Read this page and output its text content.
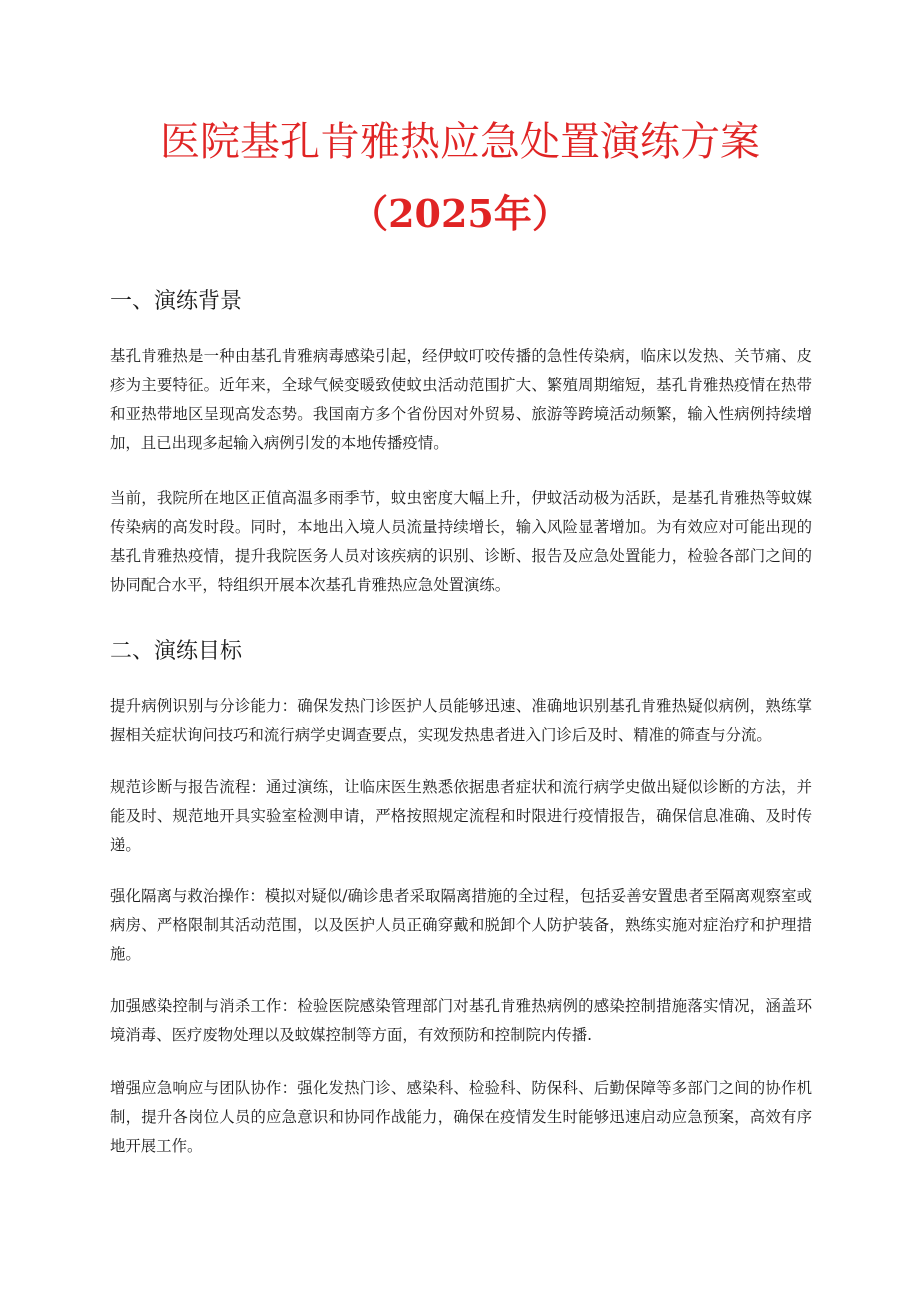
医院基孔肯雅热应急处置演练方案
（2025年）
一、演练背景

基孔肯雅热是一种由基孔肯雅病毒感染引起，经伊蚊叮咬传播的急性传染病，临床以发热、关节痛、皮疹为主要特征。近年来，全球气候变暖致使蚊虫活动范围扩大、繁殖周期缩短，基孔肯雅热疫情在热带和亚热带地区呈现高发态势。我国南方多个省份因对外贸易、旅游等跨境活动频繁，输入性病例持续增加，且已出现多起输入病例引发的本地传播疫情。

当前，我院所在地区正值高温多雨季节，蚊虫密度大幅上升，伊蚊活动极为活跃，是基孔肯雅热等蚊媒传染病的高发时段。同时，本地出入境人员流量持续增长，输入风险显著增加。为有效应对可能出现的基孔肯雅热疫情，提升我院医务人员对该疾病的识别、诊断、报告及应急处置能力，检验各部门之间的协同配合水平，特组织开展本次基孔肯雅热应急处置演练。

二、演练目标

提升病例识别与分诊能力：确保发热门诊医护人员能够迅速、准确地识别基孔肯雅热疑似病例，熟练掌握相关症状询问技巧和流行病学史调查要点，实现发热患者进入门诊后及时、精准的筛查与分流。

规范诊断与报告流程：通过演练，让临床医生熟悉依据患者症状和流行病学史做出疑似诊断的方法，并能及时、规范地开具实验室检测申请，严格按照规定流程和时限进行疫情报告，确保信息准确、及时传递。

强化隔离与救治操作：模拟对疑似/确诊患者采取隔离措施的全过程，包括妥善安置患者至隔离观察室或病房、严格限制其活动范围，以及医护人员正确穿戴和脱卸个人防护装备，熟练实施对症治疗和护理措施。

加强感染控制与消杀工作：检验医院感染管理部门对基孔肯雅热病例的感染控制措施落实情况，涵盖环境消毒、医疗废物处理以及蚊媒控制等方面，有效预防和控制院内传播.

增强应急响应与团队协作：强化发热门诊、感染科、检验科、防保科、后勤保障等多部门之间的协作机制，提升各岗位人员的应急意识和协同作战能力，确保在疫情发生时能够迅速启动应急预案，高效有序地开展工作。
